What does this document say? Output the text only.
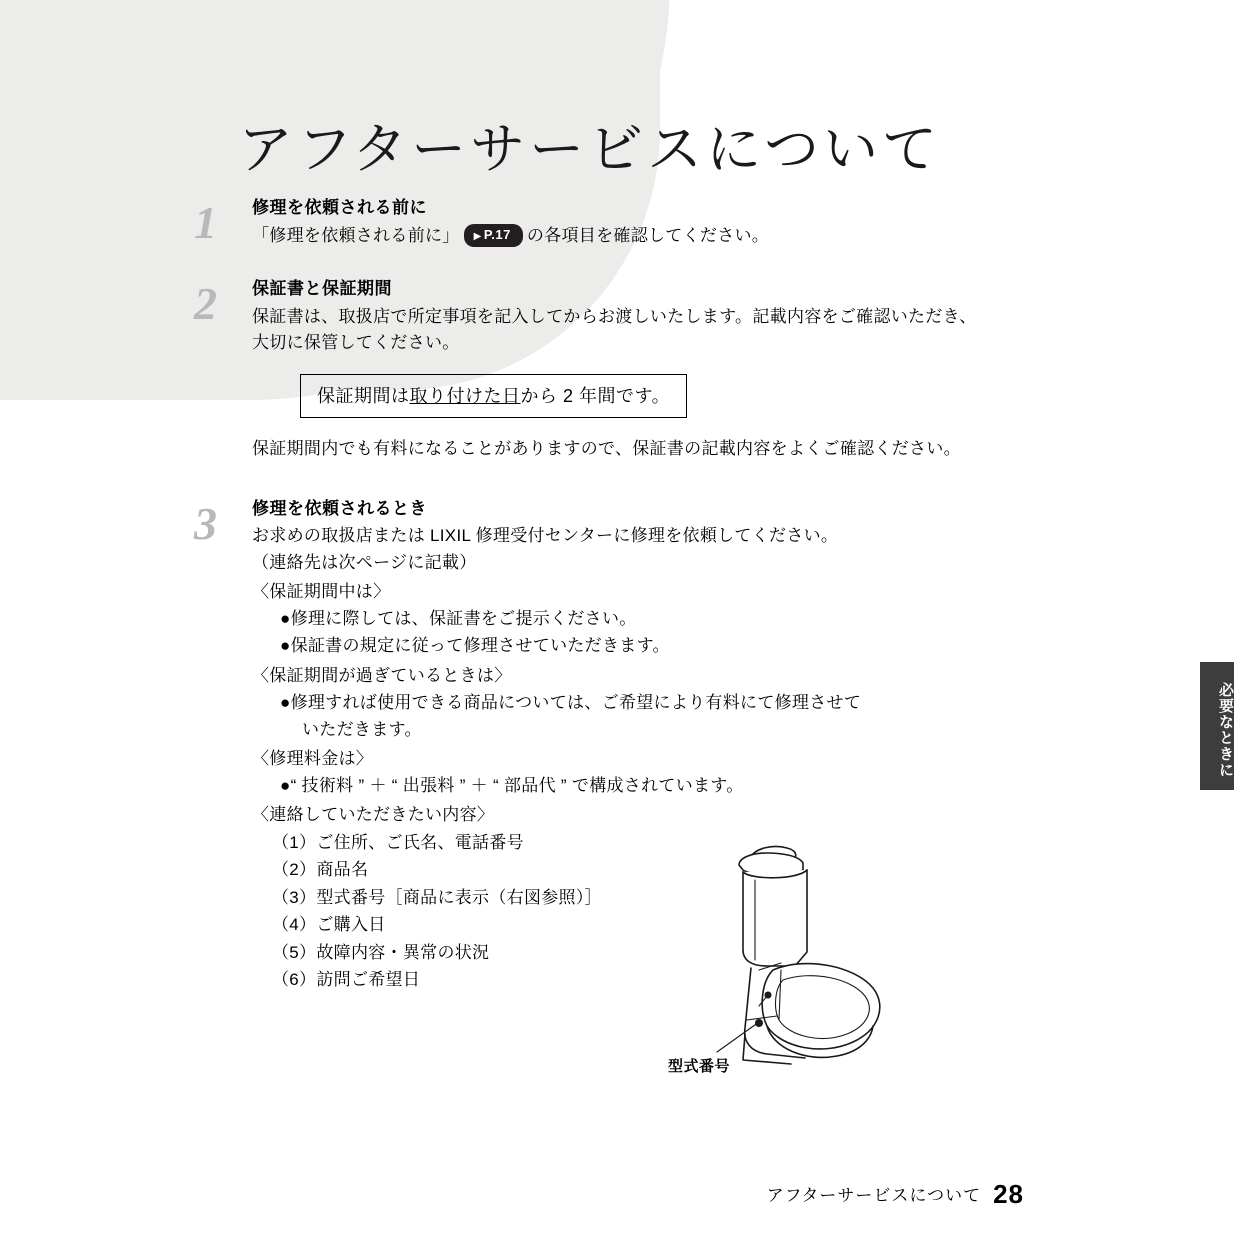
アフターサービスについて
1 修理を依頼される前に

「修理を依頼される前に」 ▶ P.17 の各項目を確認してください。

2 保証書と保証期間

保証書は、取扱店で所定事項を記入してからお渡しいたします。記載内容をご確認いただき、大切に保管してください。

保証期間は取り付けた日から 2 年間です。

保証期間内でも有料になることがありますので、保証書の記載内容をよくご確認ください。

3 修理を依頼されるとき

お求めの取扱店または LIXIL 修理受付センターに修理を依頼してください。

（連絡先は次ページに記載）

〈保証期間中は〉

●修理に際しては、保証書をご提示ください。

●保証書の規定に従って修理させていただきます。

〈保証期間が過ぎているときは〉

●修理すれば使用できる商品については、ご希望により有料にて修理させて

いただきます。

〈修理料金は〉

●“ 技術料 ” ＋ “ 出張料 ” ＋ “ 部品代 ” で構成されています。

〈連絡していただきたい内容〉

（1）ご住所、ご氏名、電話番号

（2）商品名

（3）型式番号［商品に表示（右図参照）］

（4）ご購入日

（5）故障内容・異常の状況

（6）訪問ご希望日

型式番号
必要なときに
アフターサービスについて 28
